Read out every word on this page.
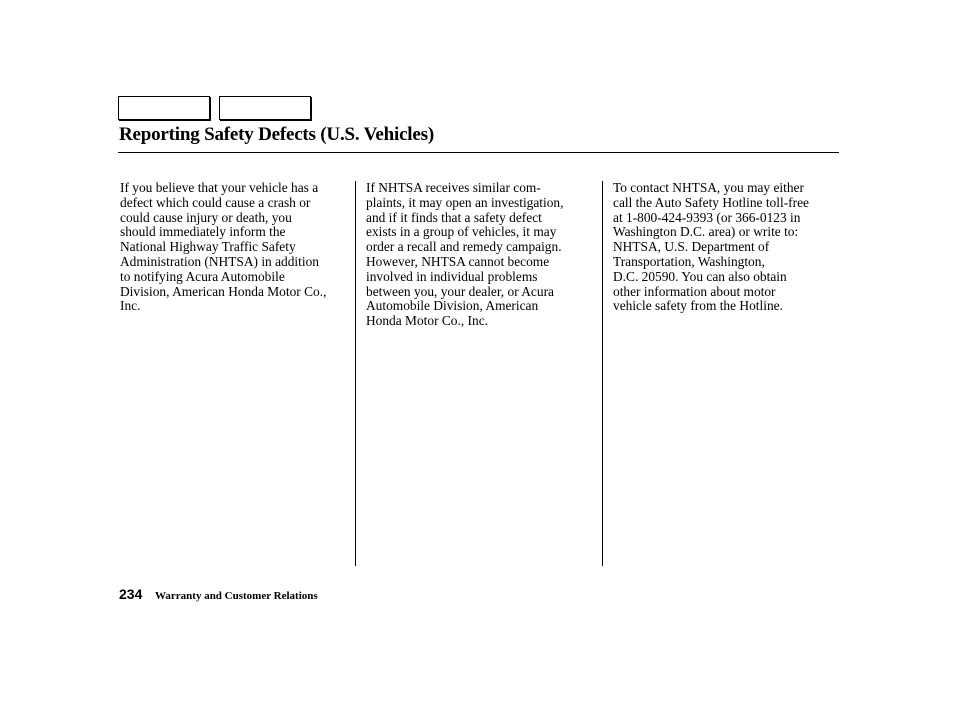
Reporting Safety Defects (U.S. Vehicles)
If you believe that your vehicle has a
defect which could cause a crash or
could cause injury or death, you
should immediately inform the
National Highway Traffic Safety
Administration (NHTSA) in addition
to notifying Acura Automobile
Division, American Honda Motor Co.,
Inc.
If NHTSA receives similar com-
plaints, it may open an investigation,
and if it finds that a safety defect
exists in a group of vehicles, it may
order a recall and remedy campaign.
However, NHTSA cannot become
involved in individual problems
between you, your dealer, or Acura
Automobile Division, American
Honda Motor Co., Inc.
To contact NHTSA, you may either
call the Auto Safety Hotline toll-free
at 1-800-424-9393 (or 366-0123 in
Washington D.C. area) or write to:
NHTSA, U.S. Department of
Transportation, Washington,
D.C. 20590. You can also obtain
other information about motor
vehicle safety from the Hotline.

234 Warranty and Customer Relations
